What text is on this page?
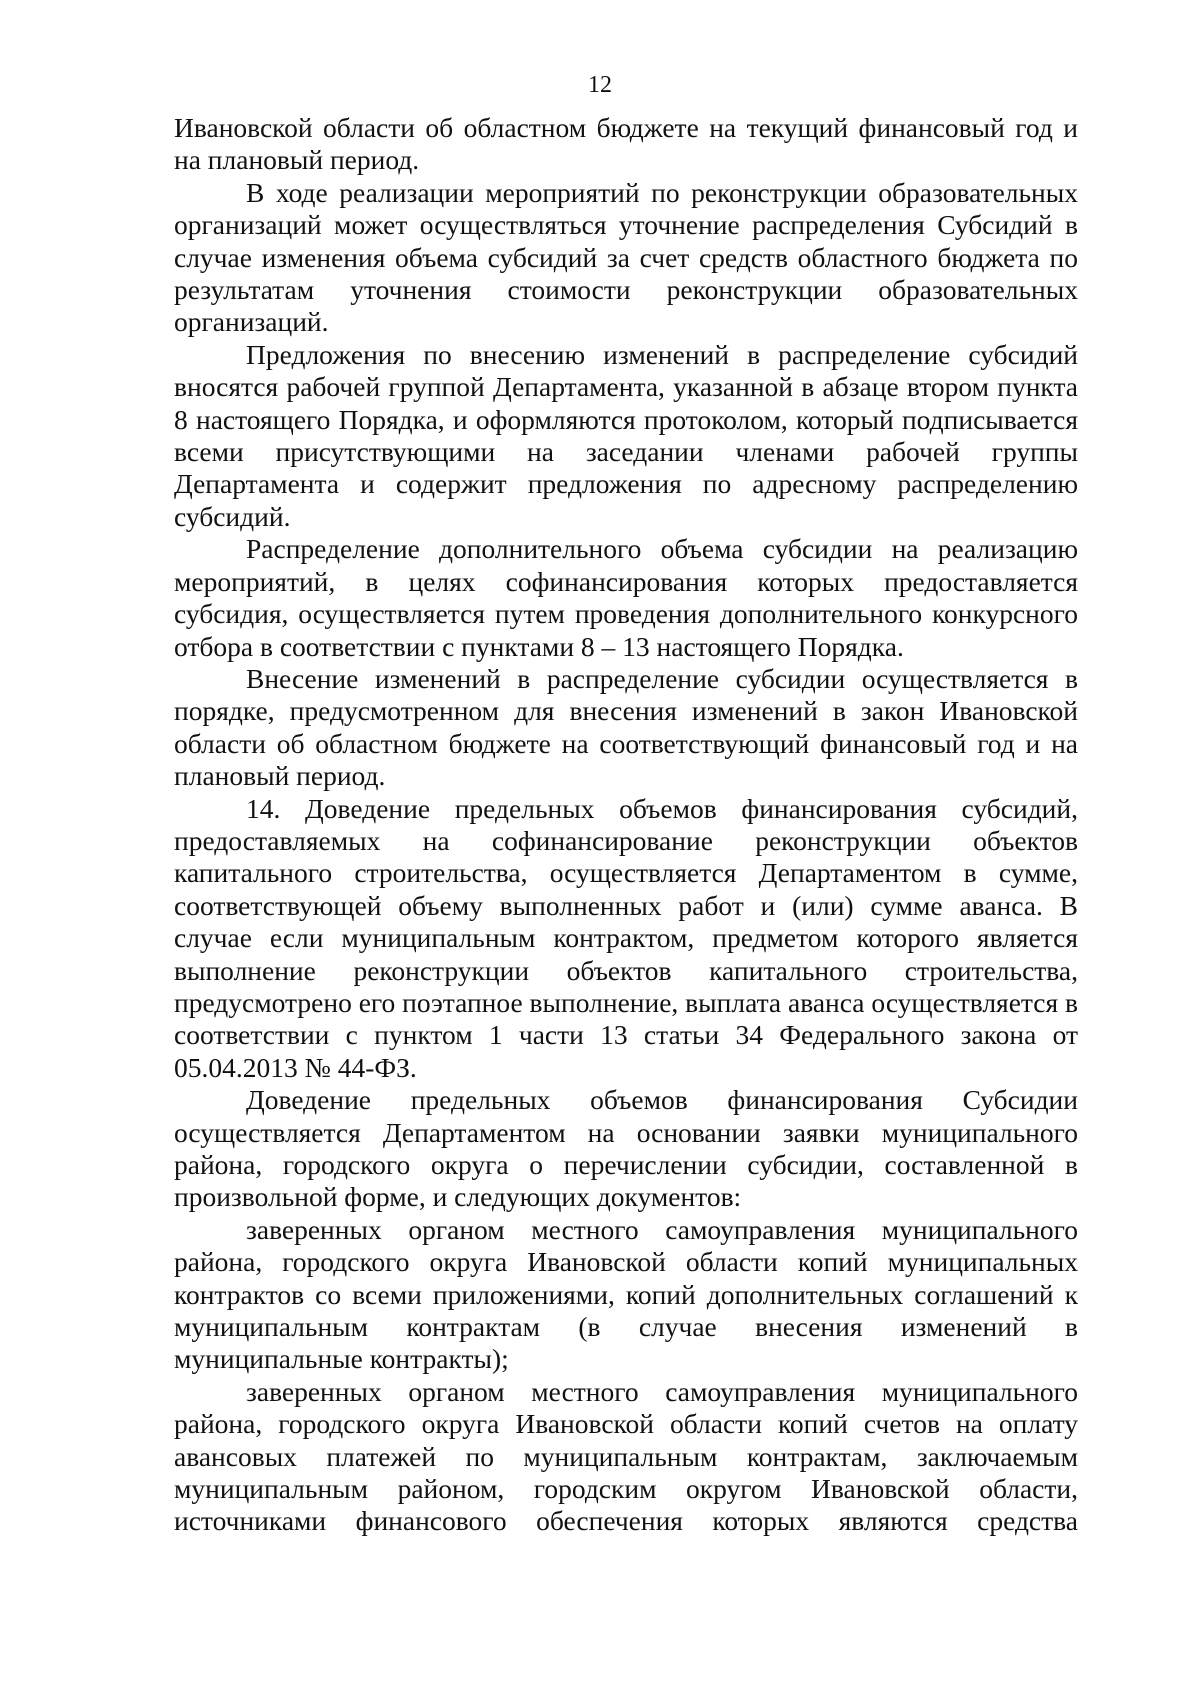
12

Ивановской области об областном бюджете на текущий финансовый год и на плановый период.

В ходе реализации мероприятий по реконструкции образовательных организаций может осуществляться уточнение распределения Субсидий в случае изменения объема субсидий за счет средств областного бюджета по результатам уточнения стоимости реконструкции образовательных организаций.

Предложения по внесению изменений в распределение субсидий вносятся рабочей группой Департамента, указанной в абзаце втором пункта 8 настоящего Порядка, и оформляются протоколом, который подписывается всеми присутствующими на заседании членами рабочей группы Департамента и содержит предложения по адресному распределению субсидий.

Распределение дополнительного объема субсидии на реализацию мероприятий, в целях софинансирования которых предоставляется субсидия, осуществляется путем проведения дополнительного конкурсного отбора в соответствии с пунктами 8 – 13 настоящего Порядка.

Внесение изменений в распределение субсидии осуществляется в порядке, предусмотренном для внесения изменений в закон Ивановской области об областном бюджете на соответствующий финансовый год и на плановый период.

14. Доведение предельных объемов финансирования субсидий, предоставляемых на софинансирование реконструкции объектов капитального строительства, осуществляется Департаментом в сумме, соответствующей объему выполненных работ и (или) сумме аванса. В случае если муниципальным контрактом, предметом которого является выполнение реконструкции объектов капитального строительства, предусмотрено его поэтапное выполнение, выплата аванса осуществляется в соответствии с пунктом 1 части 13 статьи 34 Федерального закона от 05.04.2013 № 44-ФЗ.

Доведение предельных объемов финансирования Субсидии осуществляется Департаментом на основании заявки муниципального района, городского округа о перечислении субсидии, составленной в произвольной форме, и следующих документов:

заверенных органом местного самоуправления муниципального района, городского округа Ивановской области копий муниципальных контрактов со всеми приложениями, копий дополнительных соглашений к муниципальным контрактам (в случае внесения изменений в муниципальные контракты);

заверенных органом местного самоуправления муниципального района, городского округа Ивановской области копий счетов на оплату авансовых платежей по муниципальным контрактам, заключаемым муниципальным районом, городским округом Ивановской области, источниками финансового обеспечения которых являются средства
